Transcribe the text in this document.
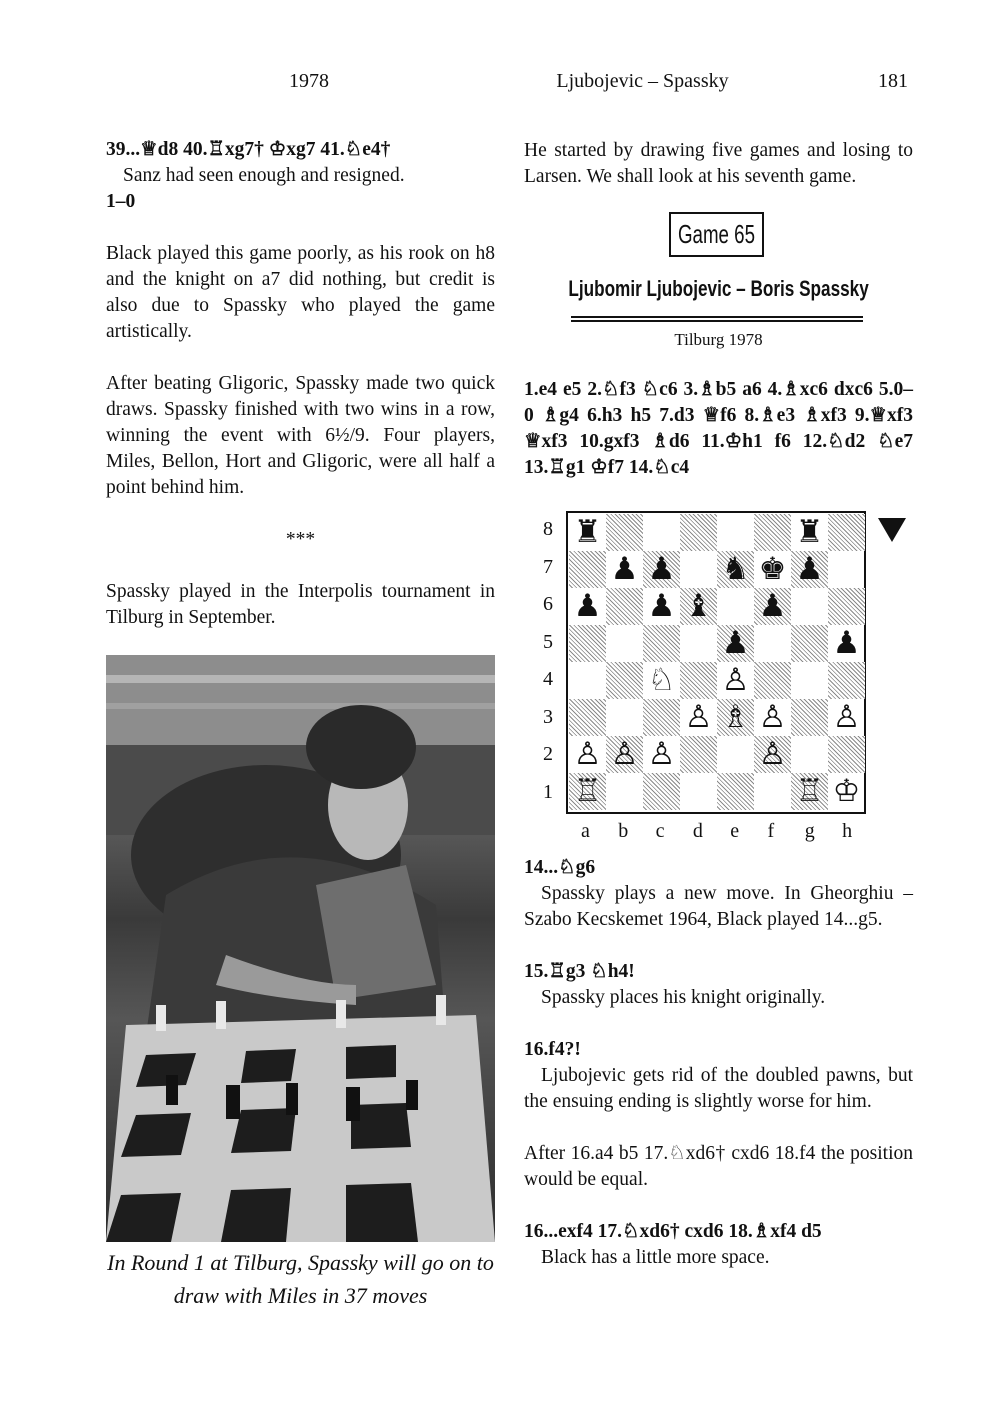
1978	Ljubojevic – Spassky	181

39...♕d8 40.♖xg7† ♔xg7 41.♘e4†

Sanz had seen enough and resigned.

1–0

Black played this game poorly, as his rook on h8 and the knight on a7 did nothing, but credit is also due to Spassky who played the game artistically.

After beating Gligoric, Spassky made two quick draws. Spassky finished with two wins in a row, winning the event with 6½/9. Four players, Miles, Bellon, Hort and Gligoric, were all half a point behind him.

***

Spassky played in the Interpolis tournament in Tilburg in September.

In Round 1 at Tilburg, Spassky will go on to draw with Miles in 37 moves
He started by drawing five games and losing to Larsen. We shall look at his seventh game.
Game 65
Ljubomir Ljubojevic – Boris Spassky
Tilburg 1978
1.e4 e5 2.♘f3 ♘c6 3.♗b5 a6 4.♗xc6 dxc6 5.0–0 ♗g4 6.h3 h5 7.d3 ♕f6 8.♗e3 ♗xf3 9.♕xf3 ♕xf3 10.gxf3 ♗d6 11.♔h1 f6 12.♘d2 ♘e7 13.♖g1 ♔f7 14.♘c4
♜	♜
♟ ♟ ♞ ♚ ♟
♟ ♟ ♝ ♟
♟	♟
♘ ♙
♙ ♗ ♙ ♙
♙ ♙ ♙	♙
♖	♖ ♔
8
7
6
5
4
3
2
1
a b c d e f g h

14...♘g6

Spassky plays a new move. In Gheorghiu – Szabo Kecskemet 1964, Black played 14...g5.

15.♖g3 ♘h4!

Spassky places his knight originally.

16.f4?!

Ljubojevic gets rid of the doubled pawns, but the ensuing ending is slightly worse for him.

After 16.a4 b5 17.♘xd6† cxd6 18.f4 the position would be equal.

16...exf4 17.♘xd6† cxd6 18.♗xf4 d5

Black has a little more space.
